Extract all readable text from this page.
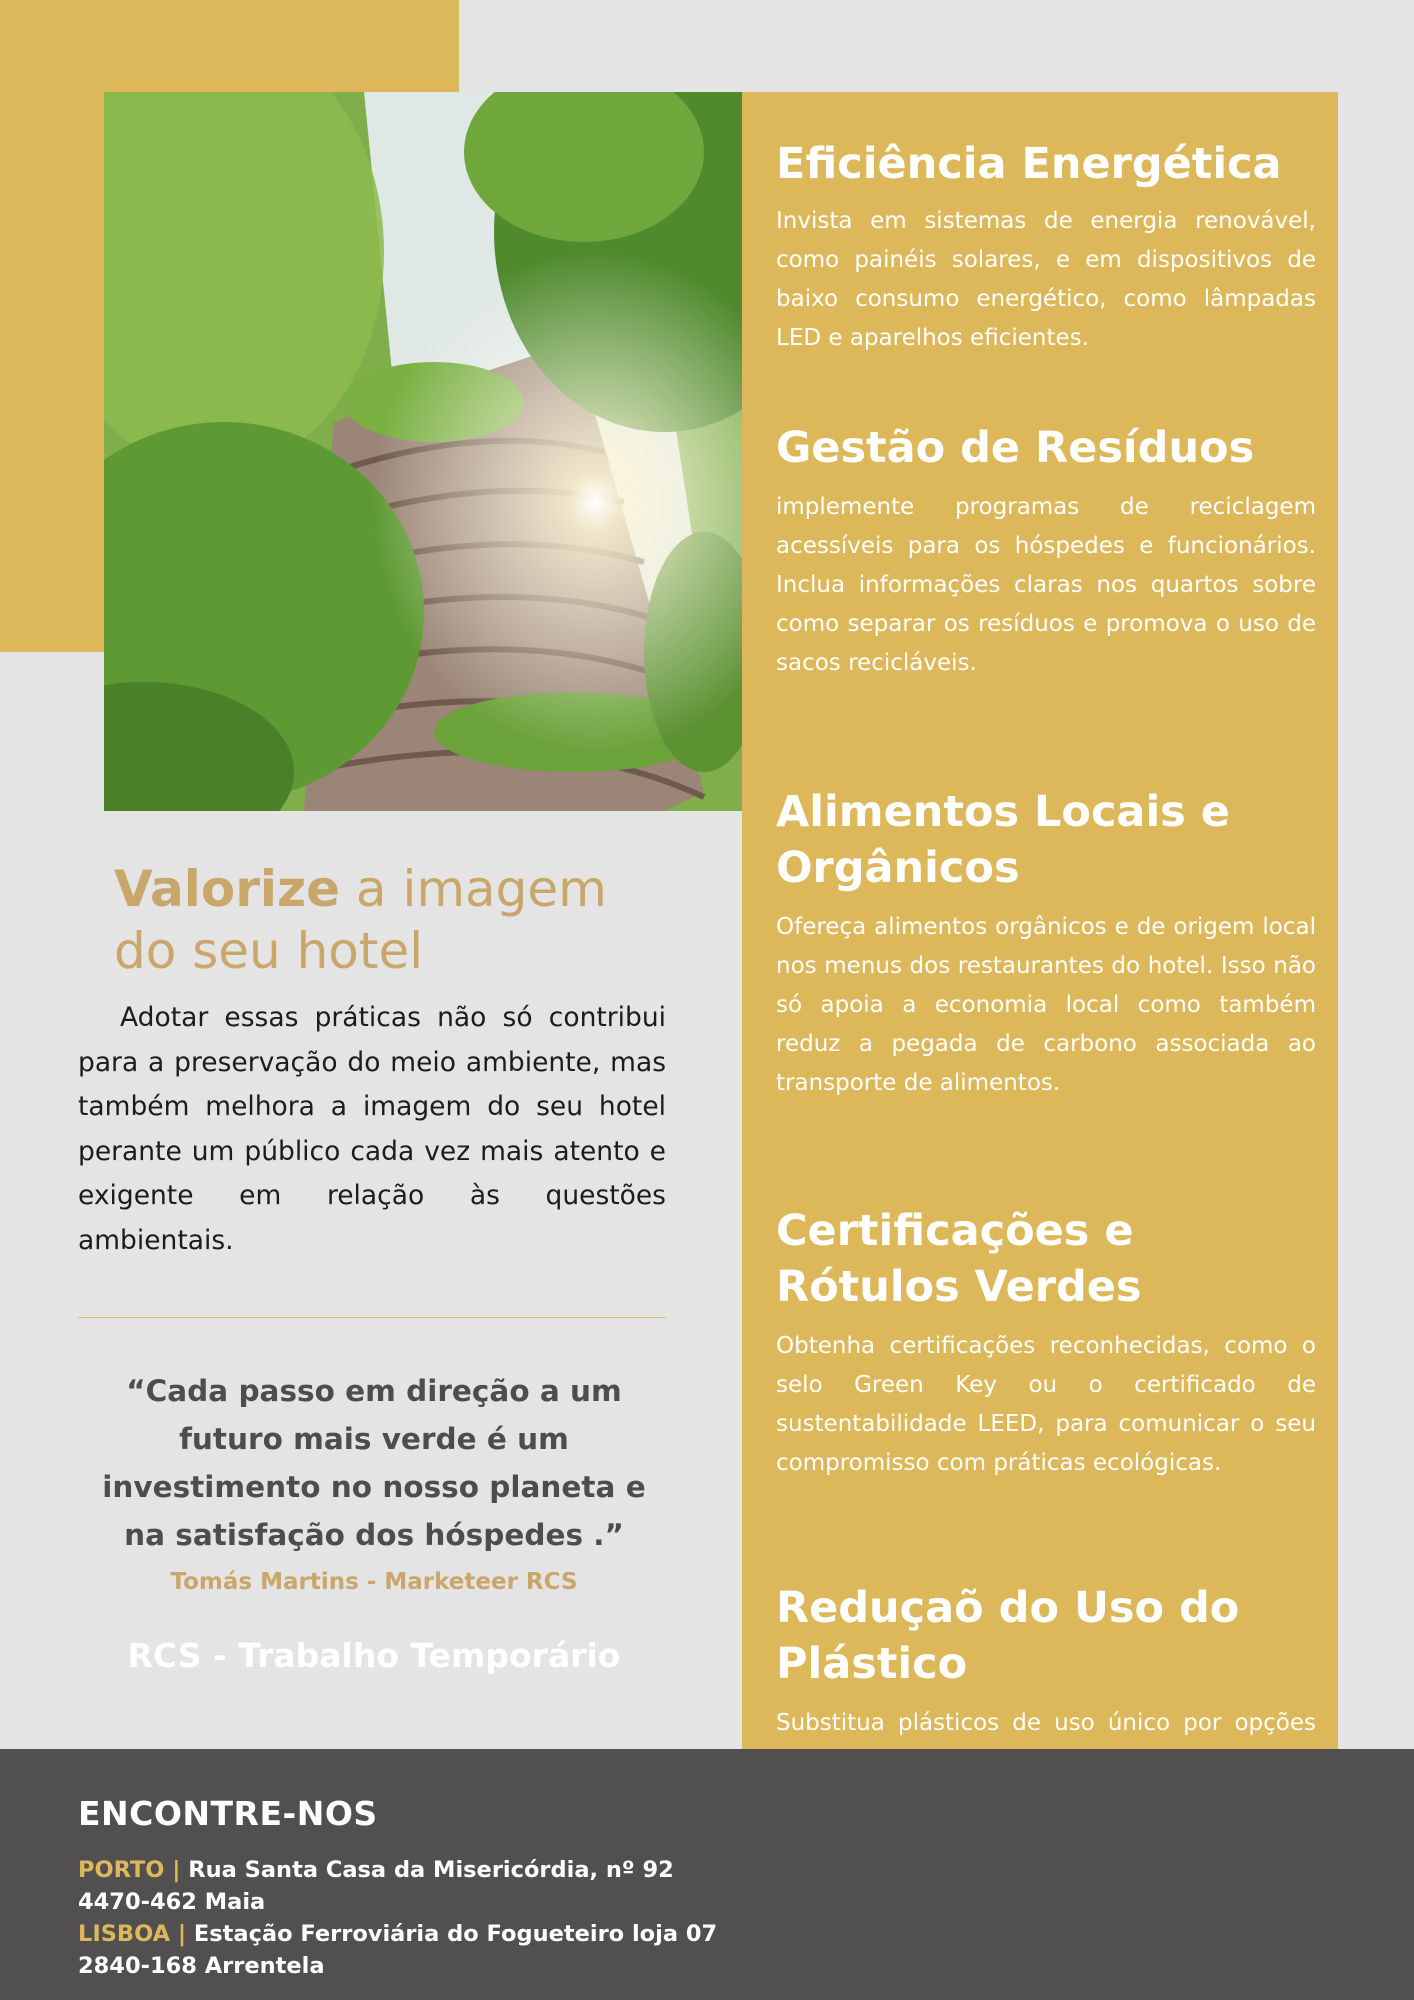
Eficiência Energética

Invista em sistemas de energia renovável, como painéis solares, e em dispositivos de baixo consumo energético, como lâmpadas LED e aparelhos eficientes.

Gestão de Resíduos

implemente programas de reciclagem acessíveis para os hóspedes e funcionários. Inclua informações claras nos quartos sobre como separar os resíduos e promova o uso de sacos recicláveis.

Alimentos Locais e Orgânicos

Ofereça alimentos orgânicos e de origem local nos menus dos restaurantes do hotel. Isso não só apoia a economia local como também reduz a pegada de carbono associada ao transporte de alimentos.

Certificações e Rótulos Verdes

Obtenha certificações reconhecidas, como o selo Green Key ou o certificado de sustentabilidade LEED, para comunicar o seu compromisso com práticas ecológicas.

Reduçaõ do Uso do Plástico

Substitua plásticos de uso único por opções

Valorize a imagem do seu hotel

Adotar essas práticas não só contribui para a preservação do meio ambiente, mas também melhora a imagem do seu hotel perante um público cada vez mais atento e exigente em relação às questões ambientais.

“Cada passo em direção a um futuro mais verde é um investimento no nosso planeta e na satisfação dos hóspedes .”

Tomás Martins - Marketeer RCS
RCS - Trabalho Temporário
ENCONTRE-NOS
PORTO | Rua Santa Casa da Misericórdia, nº 92
4470-462 Maia
LISBOA | Estação Ferroviária do Fogueteiro loja 07
2840-168 Arrentela
